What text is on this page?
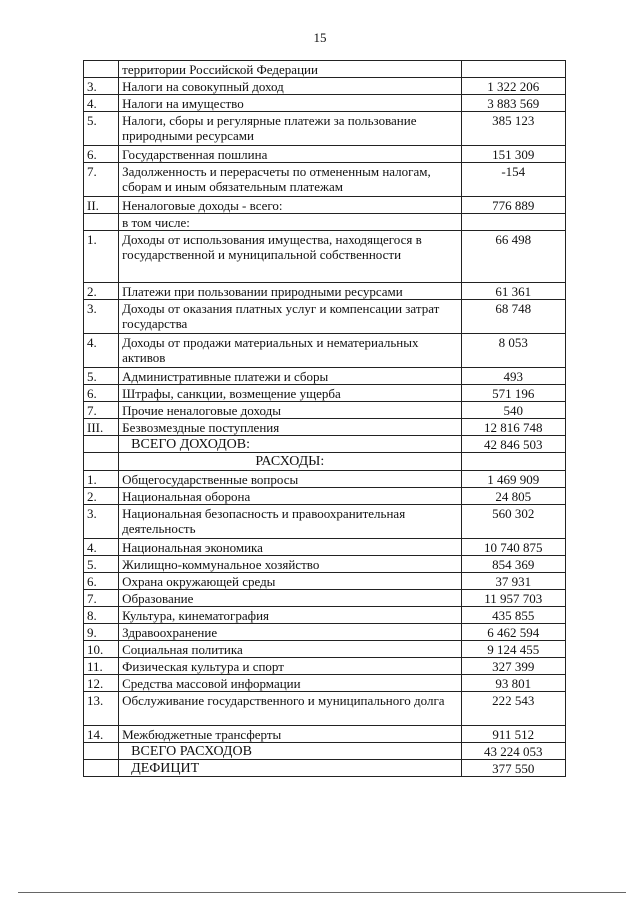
15
	территории Российской Федерации	
3.	Налоги на совокупный доход	1 322 206
4.	Налоги на имущество	3 883 569
5.	Налоги, сборы и регулярные платежи за пользование природными ресурсами	385 123
6.	Государственная пошлина	151 309
7.	Задолженность и перерасчеты по отмененным налогам, сборам и иным обязательным платежам	-154
II.	Неналоговые доходы - всего:	776 889
	в том числе:	
1.	Доходы от использования имущества, находящегося в государственной и муниципальной собственности	66 498
2.	Платежи при пользовании природными ресурсами	61 361
3.	Доходы от оказания платных услуг и компенсации затрат государства	68 748
4.	Доходы от продажи материальных и нематериальных активов	8 053
5.	Административные платежи и сборы	493
6.	Штрафы, санкции, возмещение ущерба	571 196
7.	Прочие неналоговые доходы	540
III.	Безвозмездные поступления	12 816 748
	ВСЕГО ДОХОДОВ:	42 846 503
	РАСХОДЫ:	
1.	Общегосударственные вопросы	1 469 909
2.	Национальная оборона	24 805
3.	Национальная безопасность и правоохранительная деятельность	560 302
4.	Национальная экономика	10 740 875
5.	Жилищно-коммунальное хозяйство	854 369
6.	Охрана окружающей среды	37 931
7.	Образование	11 957 703
8.	Культура, кинематография	435 855
9.	Здравоохранение	6 462 594
10.	Социальная политика	9 124 455
11.	Физическая культура и спорт	327 399
12.	Средства массовой информации	93 801
13.	Обслуживание государственного и муниципального долга	222 543
14.	Межбюджетные трансферты	911 512
	ВСЕГО РАСХОДОВ	43 224 053
	ДЕФИЦИТ	377 550
